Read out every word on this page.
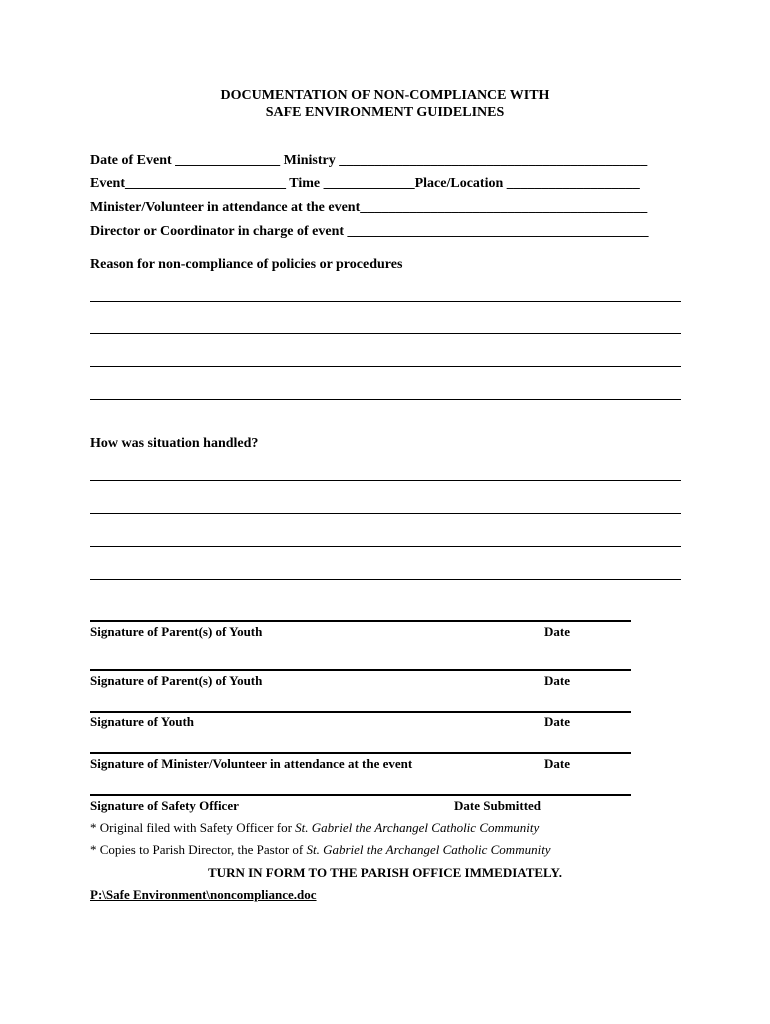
DOCUMENTATION OF NON-COMPLIANCE WITH
SAFE ENVIRONMENT GUIDELINES
Date of Event _______________ Ministry ____________________________________________
Event_______________________ Time _____________Place/Location ___________________
Minister/Volunteer in attendance at the event_________________________________________
Director or Coordinator in charge of event ___________________________________________
Reason for non-compliance of policies or procedures
How was situation handled?
Signature of Parent(s) of Youth	Date
Signature of Parent(s) of Youth	Date
Signature of Youth	Date
Signature of Minister/Volunteer in attendance at the event	Date
Signature of Safety Officer	Date Submitted
* Original filed with Safety Officer for St. Gabriel the Archangel Catholic Community
* Copies to Parish Director, the Pastor of St. Gabriel the Archangel Catholic Community
TURN IN FORM TO THE PARISH OFFICE IMMEDIATELY.
P:\Safe Environment\noncompliance.doc
